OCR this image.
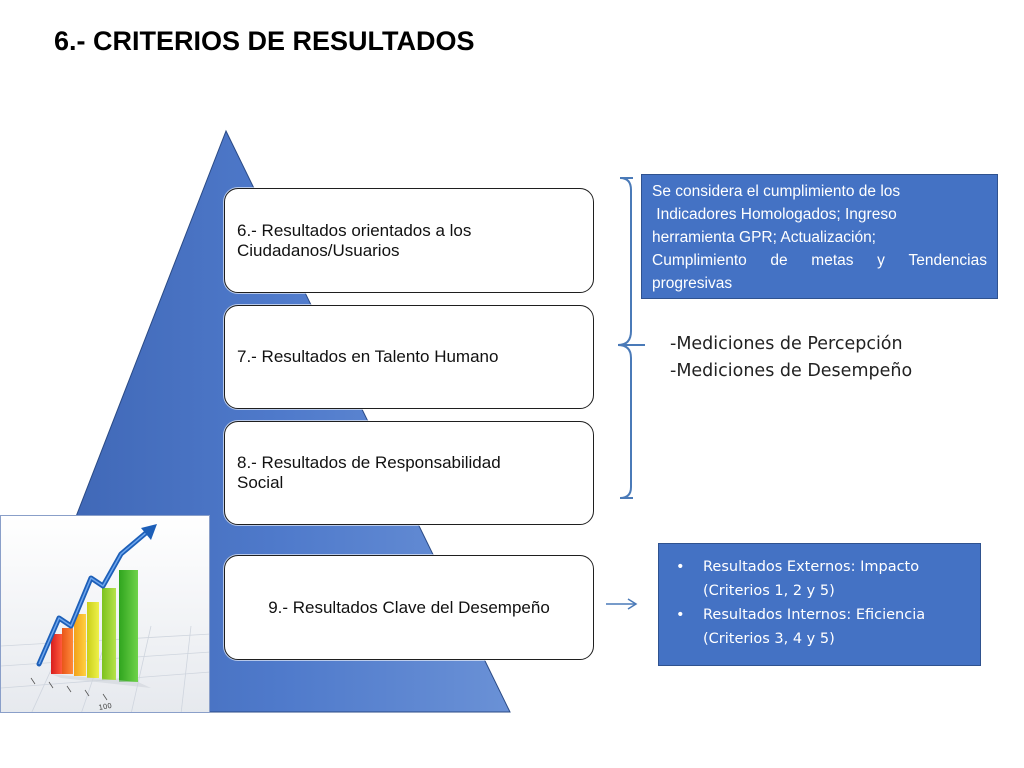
6.- CRITERIOS DE RESULTADOS
6.- Resultados orientados a los
Ciudadanos/Usuarios
7.- Resultados en Talento Humano
8.- Resultados de Responsabilidad
Social
9.- Resultados Clave del Desempeño
Se considera el cumplimiento de los
Indicadores Homologados; Ingreso
herramienta GPR; Actualización;
Cumplimiento de metas y Tendencias
progresivas
-Mediciones de Percepción
-Mediciones de Desempeño
• Resultados Externos: Impacto (Criterios 1, 2 y 5)
• Resultados Internos: Eficiencia (Criterios 3, 4 y 5)
100
